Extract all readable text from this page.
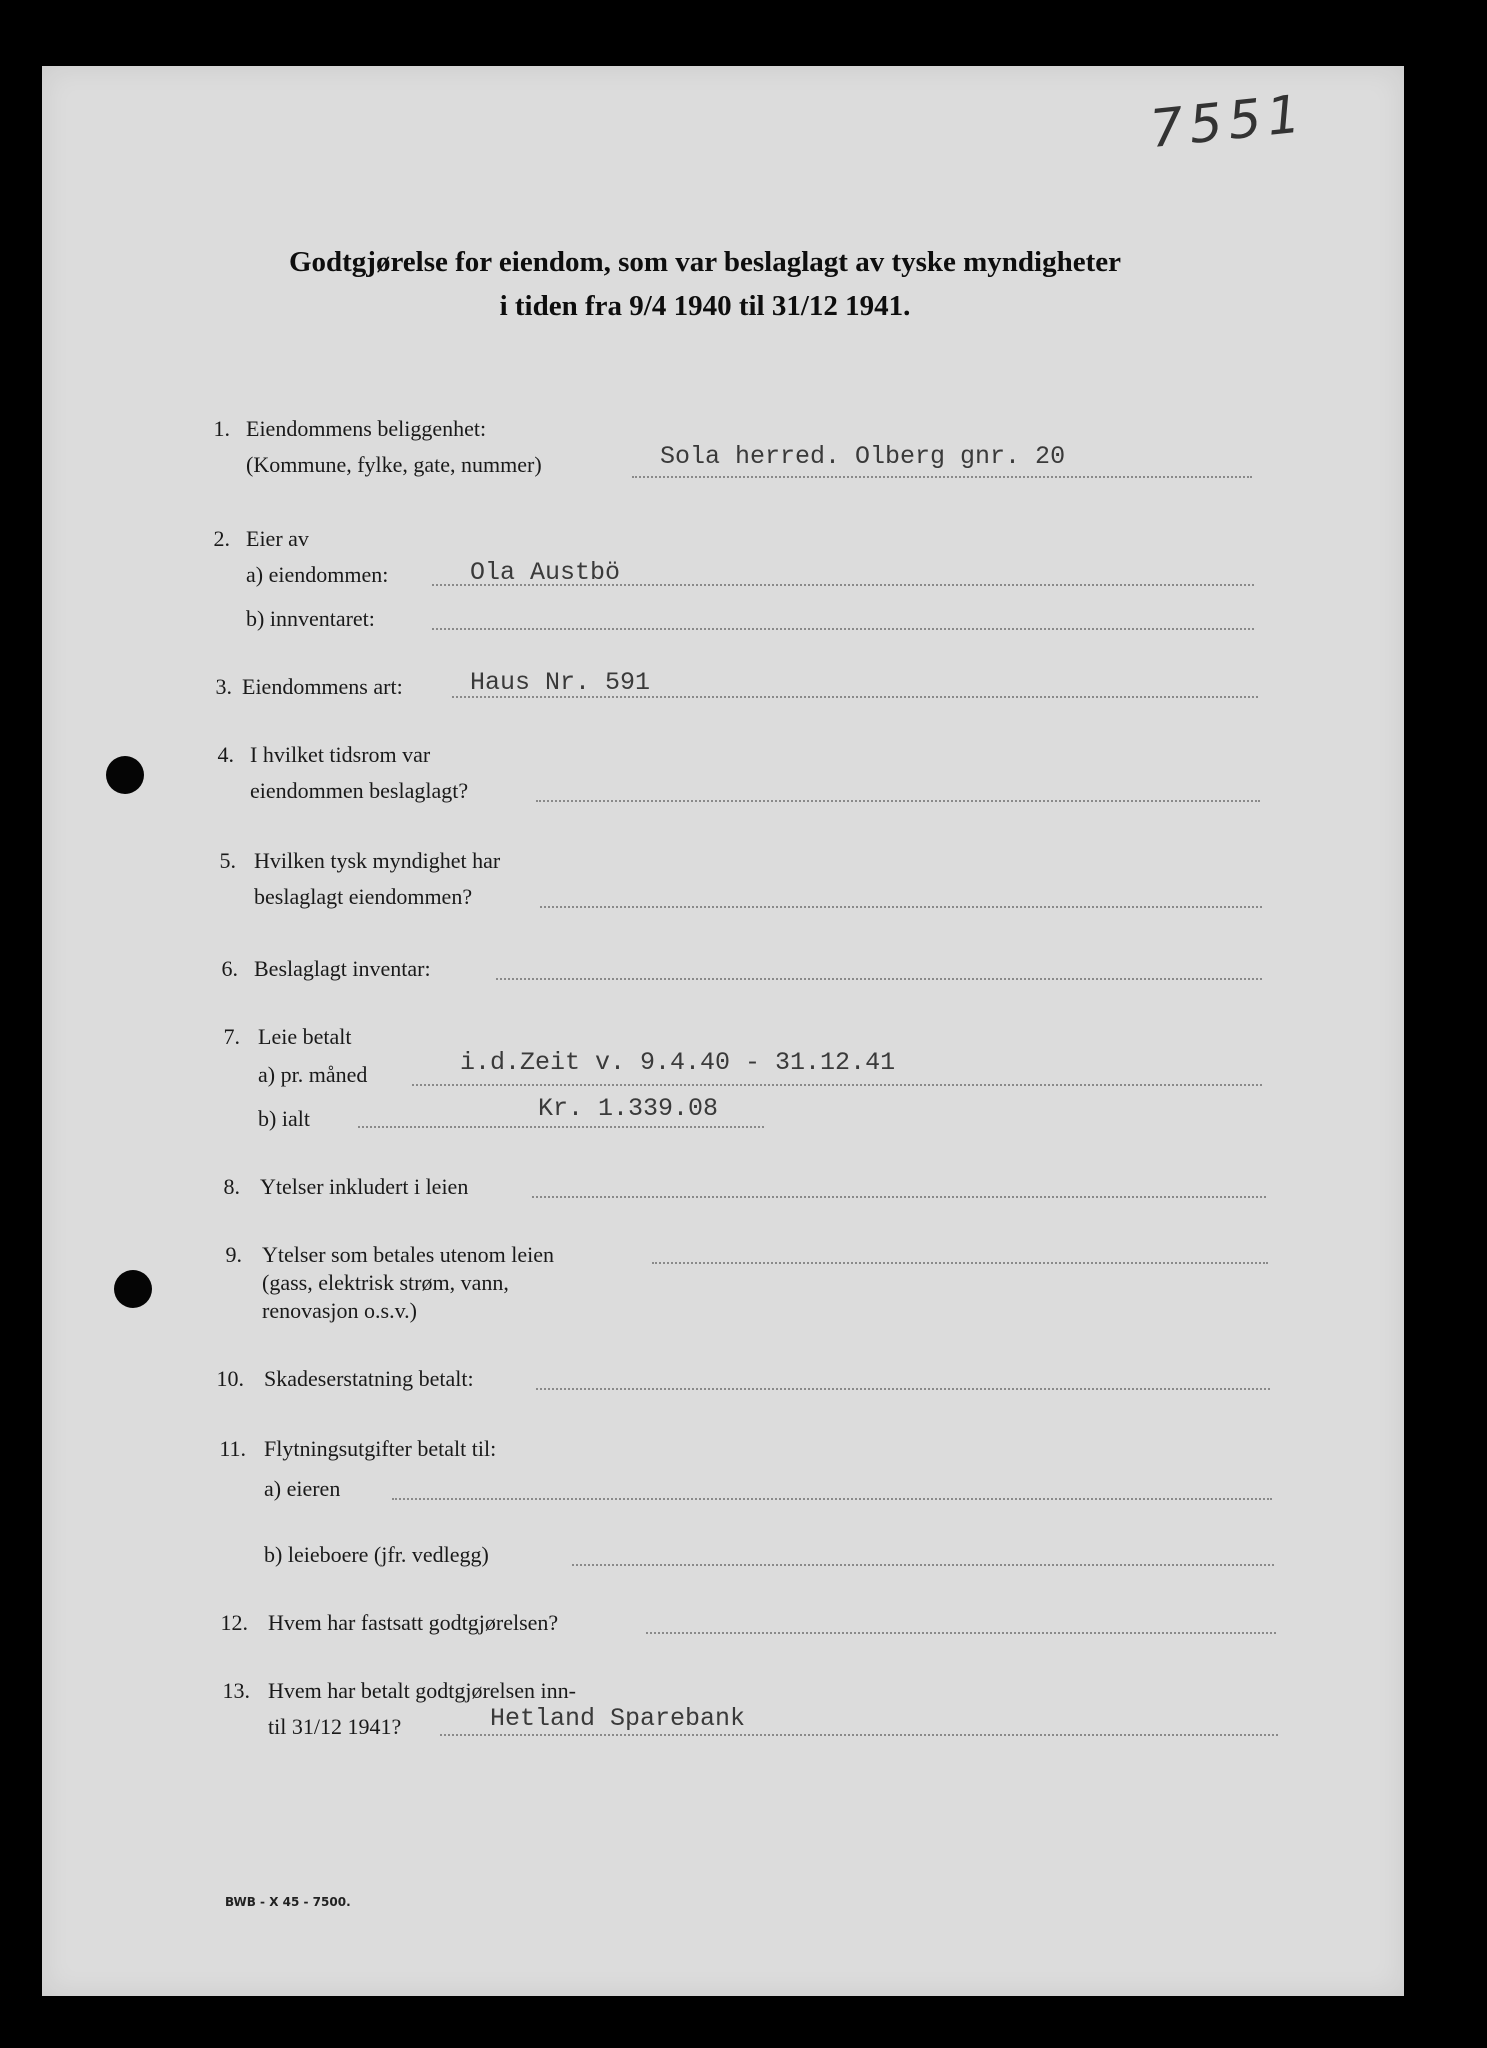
7551
Godtgjørelse for eiendom, som var beslaglagt av tyske myndigheter
i tiden fra 9/4 1940 til 31/12 1941.
1. Eiendommens beliggenhet:
(Kommune, fylke, gate, nummer)	Sola herred. Olberg gnr. 20
2. Eier av
a) eiendommen:	Ola Austbö
b) innventaret:
3. Eiendommens art:	Haus Nr. 591
4. I hvilket tidsrom var
eiendommen beslaglagt?
5. Hvilken tysk myndighet har
beslaglagt eiendommen?
6. Beslaglagt inventar:
7. Leie betalt
a) pr. måned	i.d.Zeit v. 9.4.40 - 31.12.41
b) ialt	Kr. 1.339.08
8. Ytelser inkludert i leien
9. Ytelser som betales utenom leien
(gass, elektrisk strøm, vann,
renovasjon o.s.v.)
10. Skadeserstatning betalt:
11. Flytningsutgifter betalt til:
a) eieren
b) leieboere (jfr. vedlegg)
12. Hvem har fastsatt godtgjørelsen?
13. Hvem har betalt godtgjørelsen inn-
til 31/12 1941?	Hetland Sparebank
BWB - X 45 - 7500.
